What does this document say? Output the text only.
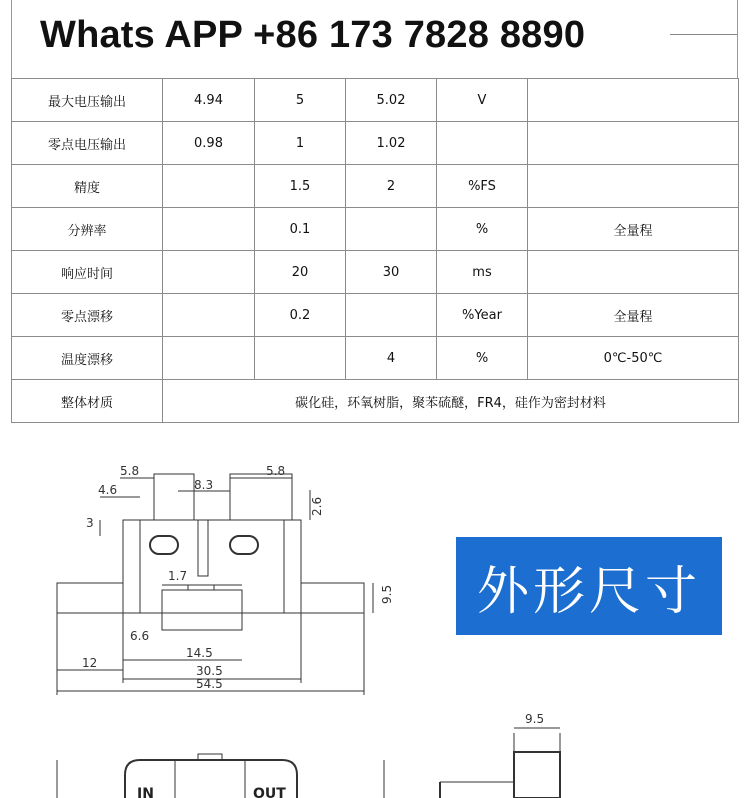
Whats APP +86 173 7828 8890
最大电压输出	4.94	5	5.02	V	
零点电压输出	0.98	1	1.02		
精度		1.5	2	%FS	
分辨率		0.1		%	全量程
响应时间		20	30	ms	
零点漂移		0.2		%Year	全量程
温度漂移			4	%	0℃-50℃
整体材质	碳化硅，环氧树脂，聚苯硫醚，FR4，硅作为密封材料				
5.8
4.6	8.3
5.8
2.6
3
1.7
9.5
6.6
14.5
12
30.5
54.5
9.5
IN	OUT
外形尺寸
